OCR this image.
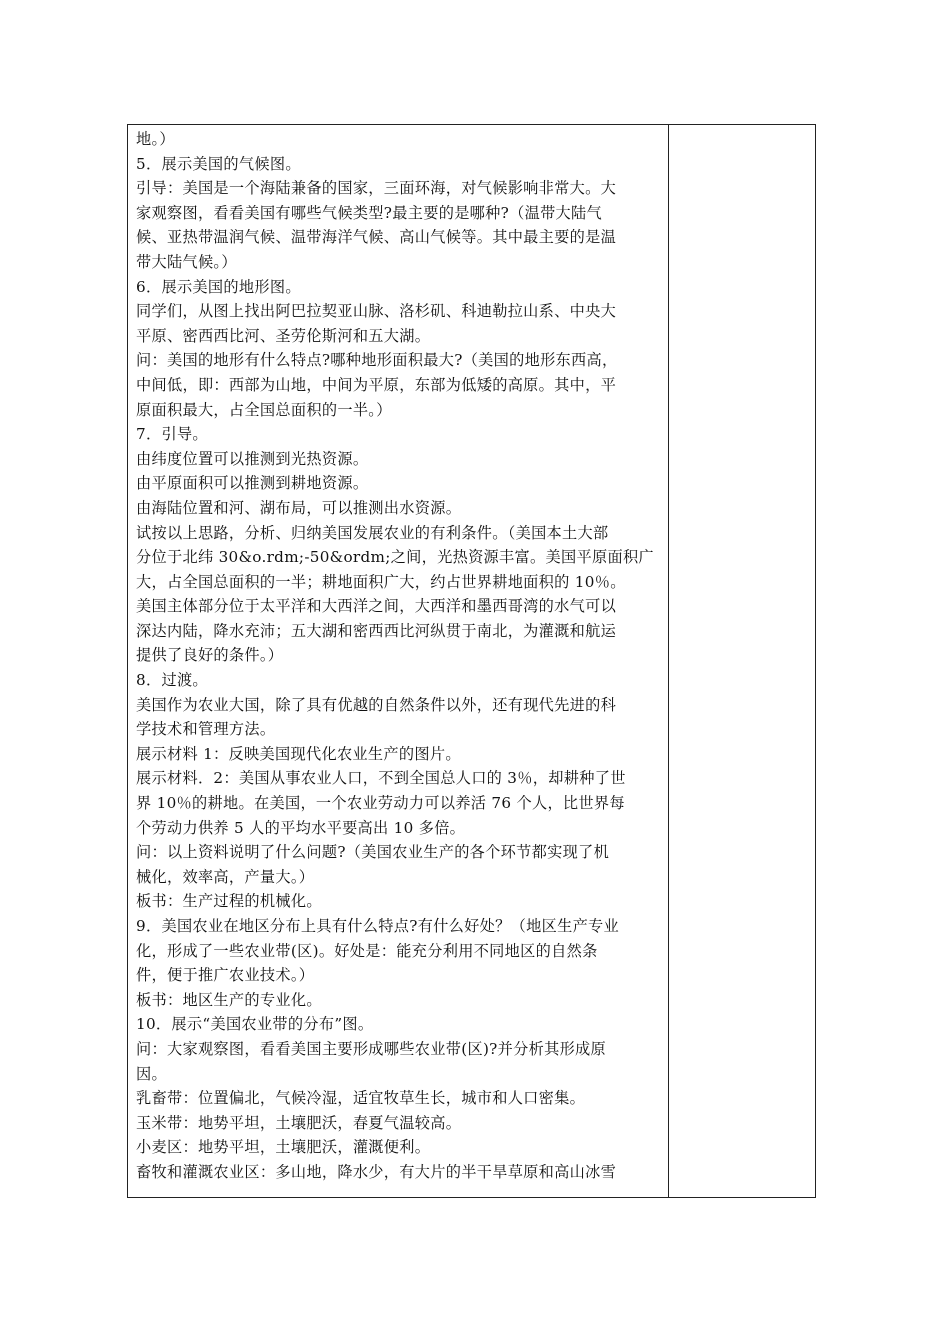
地。）
5．展示美国的气候图。
引导：美国是一个海陆兼备的国家，三面环海，对气候影响非常大。大
家观察图，看看美国有哪些气候类型?最主要的是哪种?（温带大陆气
候、亚热带温润气候、温带海洋气候、高山气候等。其中最主要的是温
带大陆气候。）
6．展示美国的地形图。
同学们，从图上找出阿巴拉契亚山脉、洛杉矶、科迪勒拉山系、中央大
平原、密西西比河、圣劳伦斯河和五大湖。
问：美国的地形有什么特点?哪种地形面积最大?（美国的地形东西高，
中间低，即：西部为山地，中间为平原，东部为低矮的高原。其中，平
原面积最大，占全国总面积的一半。）
7．引导。
由纬度位置可以推测到光热资源。
由平原面积可以推测到耕地资源。
由海陆位置和河、湖布局，可以推测出水资源。
试按以上思路，分析、归纳美国发展农业的有利条件。（美国本土大部
分位于北纬 30&o.rdm;-50&ordm;之间，光热资源丰富。美国平原面积广
大，占全国总面积的一半；耕地面积广大，约占世界耕地面积的 10％。
美国主体部分位于太平洋和大西洋之间，大西洋和墨西哥湾的水气可以
深达内陆，降水充沛；五大湖和密西西比河纵贯于南北，为灌溉和航运
提供了良好的条件。）
8．过渡。
美国作为农业大国，除了具有优越的自然条件以外，还有现代先进的科
学技术和管理方法。
展示材料 1：反映美国现代化农业生产的图片。
展示材料．2：美国从事农业人口，不到全国总人口的 3％，却耕种了世
界 10％的耕地。在美国，一个农业劳动力可以养活 76 个人，比世界每
个劳动力供养 5 人的平均水平要高出 10 多倍。
问：以上资料说明了什么问题?（美国农业生产的各个环节都实现了机
械化，效率高，产量大。）
板书：生产过程的机械化。
9．美国农业在地区分布上具有什么特点?有什么好处？（地区生产专业
化，形成了一些农业带(区)。好处是：能充分利用不同地区的自然条
件，便于推广农业技术。）
板书：地区生产的专业化。
10．展示“美国农业带的分布”图。
问：大家观察图，看看美国主要形成哪些农业带(区)?并分析其形成原
因。
乳畜带：位置偏北，气候冷湿，适宜牧草生长，城市和人口密集。
玉米带：地势平坦，土壤肥沃，春夏气温较高。
小麦区：地势平坦，土壤肥沃，灌溉便利。
畜牧和灌溉农业区：多山地，降水少，有大片的半干旱草原和高山冰雪
